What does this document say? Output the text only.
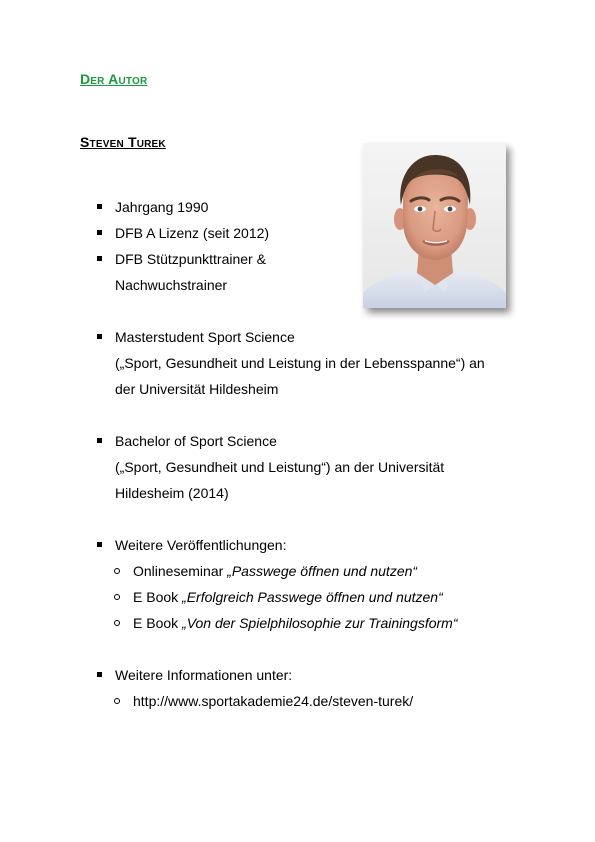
Der Autor
Steven Turek
Jahrgang 1990
DFB A Lizenz (seit 2012)
DFB Stützpunkttrainer &
Nachwuchstrainer
Masterstudent Sport Science
(„Sport, Gesundheit und Leistung in der Lebensspanne“) an
der Universität Hildesheim
Bachelor of Sport Science
(„Sport, Gesundheit und Leistung“) an der Universität
Hildesheim (2014)
Weitere Veröffentlichungen:
Onlineseminar „Passwege öffnen und nutzen“
E Book „Erfolgreich Passwege öffnen und nutzen“
E Book „Von der Spielphilosophie zur Trainingsform“
Weitere Informationen unter:
http://www.sportakademie24.de/steven-turek/
